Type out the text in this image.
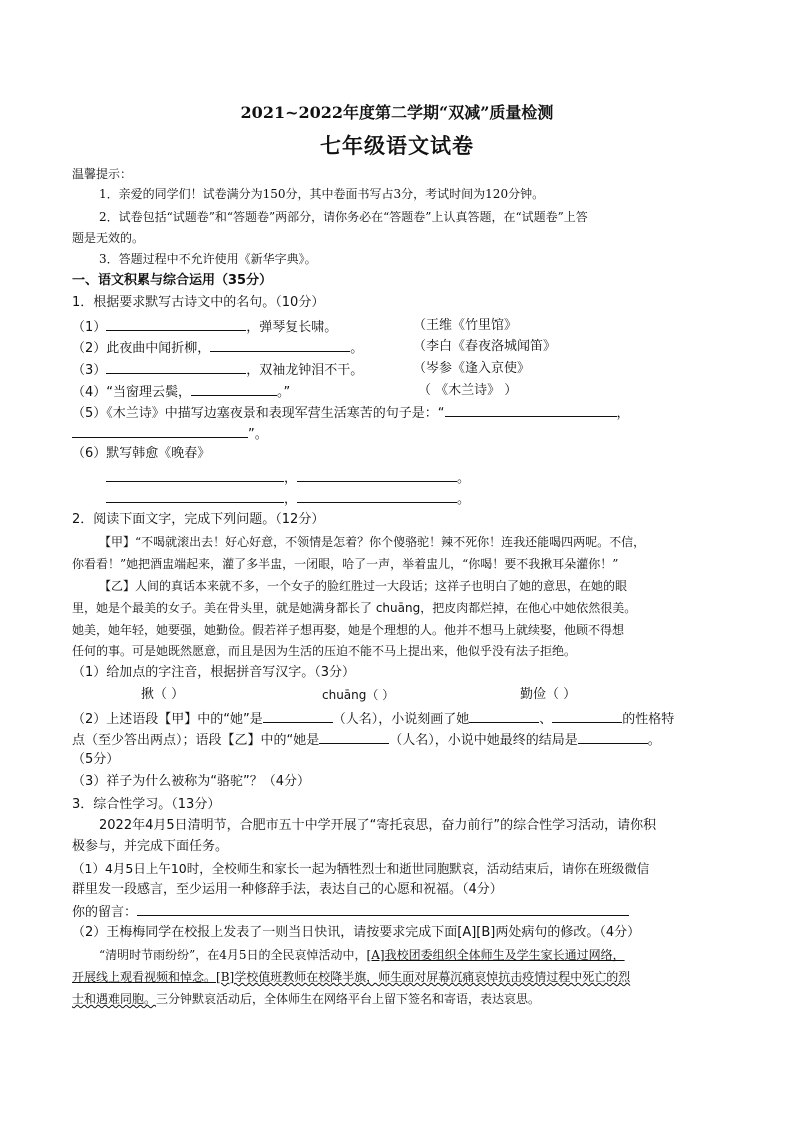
2021~2022年度第二学期“双减”质量检测
七年级语文试卷
温馨提示：
1．亲爱的同学们！试卷满分为150分，其中卷面书写占3分，考试时间为120分钟。
2．试卷包括“试题卷”和“答题卷”两部分，请你务必在“答题卷”上认真答题，在“试题卷”上答
题是无效的。
3．答题过程中不允许使用《新华字典》。
一、语文积累与综合运用（35分）
1．根据要求默写古诗文中的名句。（10分）
（1）	，弹琴复长啸。	（王维《竹里馆》
（2）此夜曲中闻折柳，	。	（李白《春夜洛城闻笛》
（3）	，双袖龙钟泪不干。	（岑参《逢入京使》
（4）“当窗理云鬓，	。”	（ 《木兰诗》 ）
（5）《木兰诗》中描写边塞夜景和表现军营生活寒苦的句子是：“	，
”。
（6）默写韩愈《晚春》
，	。
，	。
2．阅读下面文字，完成下列问题。（12分）
【甲】“不喝就滚出去！好心好意，不领情是怎着？你个傻骆驼！辣不死你！连我还能喝四两呢。不信，
你看看！”她把酒盅端起来，灌了多半盅，一闭眼，哈了一声，举着盅儿，“你喝！要不我揪耳朵灌你！”
【乙】人间的真话本来就不多，一个女子的脸红胜过一大段话；这祥子也明白了她的意思，在她的眼
里，她是个最美的女子。美在骨头里，就是她满身都长了 chuāng，把皮肉都烂掉，在他心中她依然很美。
她美，她年轻，她要强，她勤俭。假若祥子想再娶，她是个理想的人。他并不想马上就续娶，他顾不得想
任何的事。可是她既然愿意，而且是因为生活的压迫不能不马上提出来，他似乎没有法子拒绝。
（1）给加点的字注音，根据拼音写汉字。（3分）
揪（ ）	chuāng（ ）	勤俭（ ）
（2）上述语段【甲】中的“她”是	（人名），小说刻画了她	、	的性格特
点（至少答出两点）；语段【乙】中的“她是	（人名），小说中她最终的结局是	。
（5分）
（3）祥子为什么被称为“骆驼”？（4分）
3．综合性学习。（13分）
2022年4月5日清明节，合肥市五十中学开展了“寄托哀思，奋力前行”的综合性学习活动，请你积
极参与，并完成下面任务。
（1）4月5日上午10时，全校师生和家长一起为牺牲烈士和逝世同胞默哀，活动结束后，请你在班级微信
群里发一段感言，至少运用一种修辞手法，表达自己的心愿和祝福。（4分）
你的留言：
（2）王梅梅同学在校报上发表了一则当日快讯，请按要求完成下面[A][B]两处病句的修改。（4分）
“清明时节雨纷纷”，在4月5日的全民哀悼活动中，[A]我校团委组织全体师生及学生家长通过网络，
开展线上观看视频和悼念。[B]学校值班教师在校降半旗，师生面对屏幕沉痛哀悼抗击疫情过程中死亡的烈
士和遇难同胞。三分钟默哀活动后，全体师生在网络平台上留下签名和寄语，表达哀思。
